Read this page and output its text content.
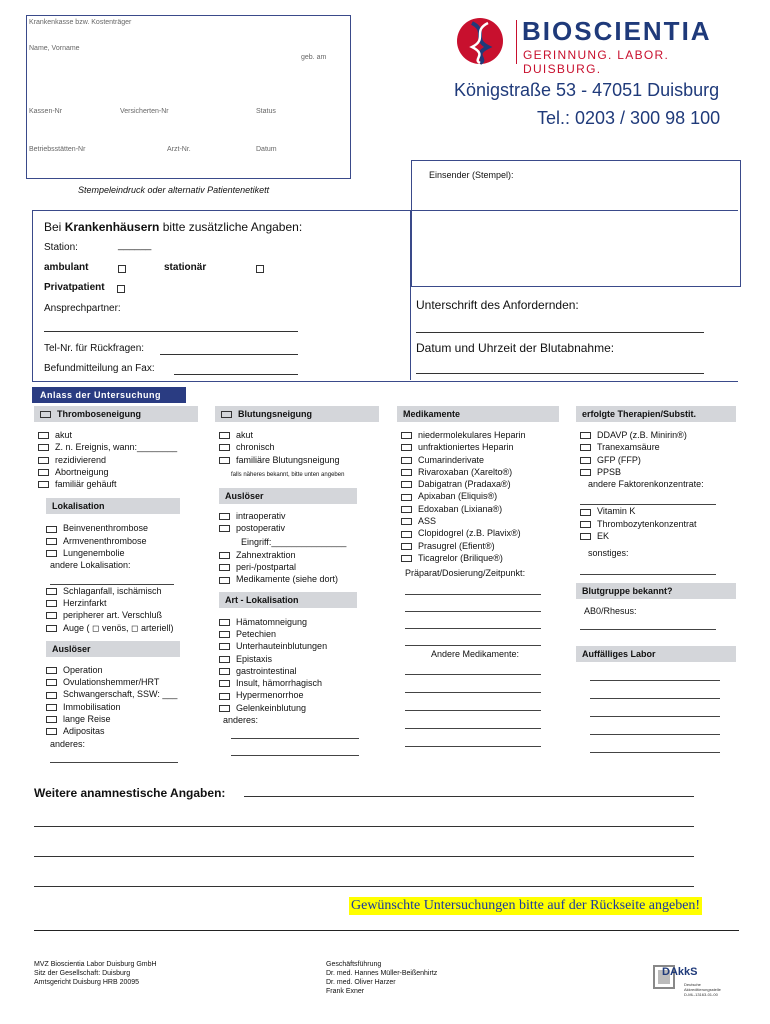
Krankenkasse bzw. Kostenträger
Name, Vorname
geb. am
Kassen-Nr	Versicherten-Nr	Status
Betriebsstätten-Nr	Arzt-Nr.	Datum
Stempeleindruck oder alternativ Patientenetikett
BIOSCIENTIA
GERINNUNG. LABOR. DUISBURG.
Königstraße 53 - 47051 Duisburg
Tel.: 0203 / 300 98 100
Einsender (Stempel):
Bei Krankenhäusern bitte zusätzliche Angaben:
Station:	______
ambulant	stationär
Privatpatient
Ansprechpartner:
Tel-Nr. für Rückfragen:
Befundmitteilung an Fax:
Unterschrift des Anfordernden:
Datum und Uhrzeit der Blutabnahme:
Anlass der Untersuchung
Thromboseneigung
akut
Z. n. Ereignis, wann:________
rezidivierend
Abortneigung
familiär gehäuft
Lokalisation
Beinvenenthrombose
Armvenenthrombose
Lungenembolie
andere Lokalisation:
Schlaganfall, ischämisch
Herzinfarkt
peripherer art. Verschluß
Auge ( ◻ venös, ◻ arteriell)
Auslöser
Operation
Ovulationshemmer/HRT
Schwangerschaft, SSW: ___
Immobilisation
lange Reise
Adipositas
anderes:
Blutungsneigung
akut
chronisch
familiäre Blutungsneigung
falls näheres bekannt, bitte unten angeben
Auslöser
intraoperativ
postoperativ
Eingriff:_______________
Zahnextraktion
peri-/postpartal
Medikamente (siehe dort)
Art - Lokalisation
Hämatomneigung
Petechien
Unterhauteinblutungen
Epistaxis
gastrointestinal
Insult, hämorrhagisch
Hypermenorrhoe
Gelenkeinblutung
anderes:
Medikamente
niedermolekulares Heparin
unfraktioniertes Heparin
Cumarinderivate
Rivaroxaban (Xarelto®)
Dabigatran (Pradaxa®)
Apixaban (Eliquis®)
Edoxaban (Lixiana®)
ASS
Clopidogrel (z.B. Plavix®)
Prasugrel (Efient®)
Ticagrelor (Brilique®)
Präparat/Dosierung/Zeitpunkt:
Andere Medikamente:
erfolgte Therapien/Substit.
DDAVP (z.B. Minirin®)
Tranexamsäure
GFP (FFP)
PPSB
andere Faktorenkonzentrate:
Vitamin K
Thrombozytenkonzentrat
EK
sonstiges:
Blutgruppe bekannt?
AB0/Rhesus:
Auffälliges Labor
Weitere anamnestische Angaben:
Gewünschte Untersuchungen bitte auf der Rückseite angeben!
MVZ Bioscientia Labor Duisburg GmbH
Sitz der Gesellschaft: Duisburg
Amtsgericht Duisburg HRB 20095
Geschäftsführung
Dr. med. Hannes Müller-Beißenhirtz
Dr. med. Oliver Harzer
Frank Exner
DAkkS
Deutsche
Akkreditierungsstelle
D-ML-13163-01-00
